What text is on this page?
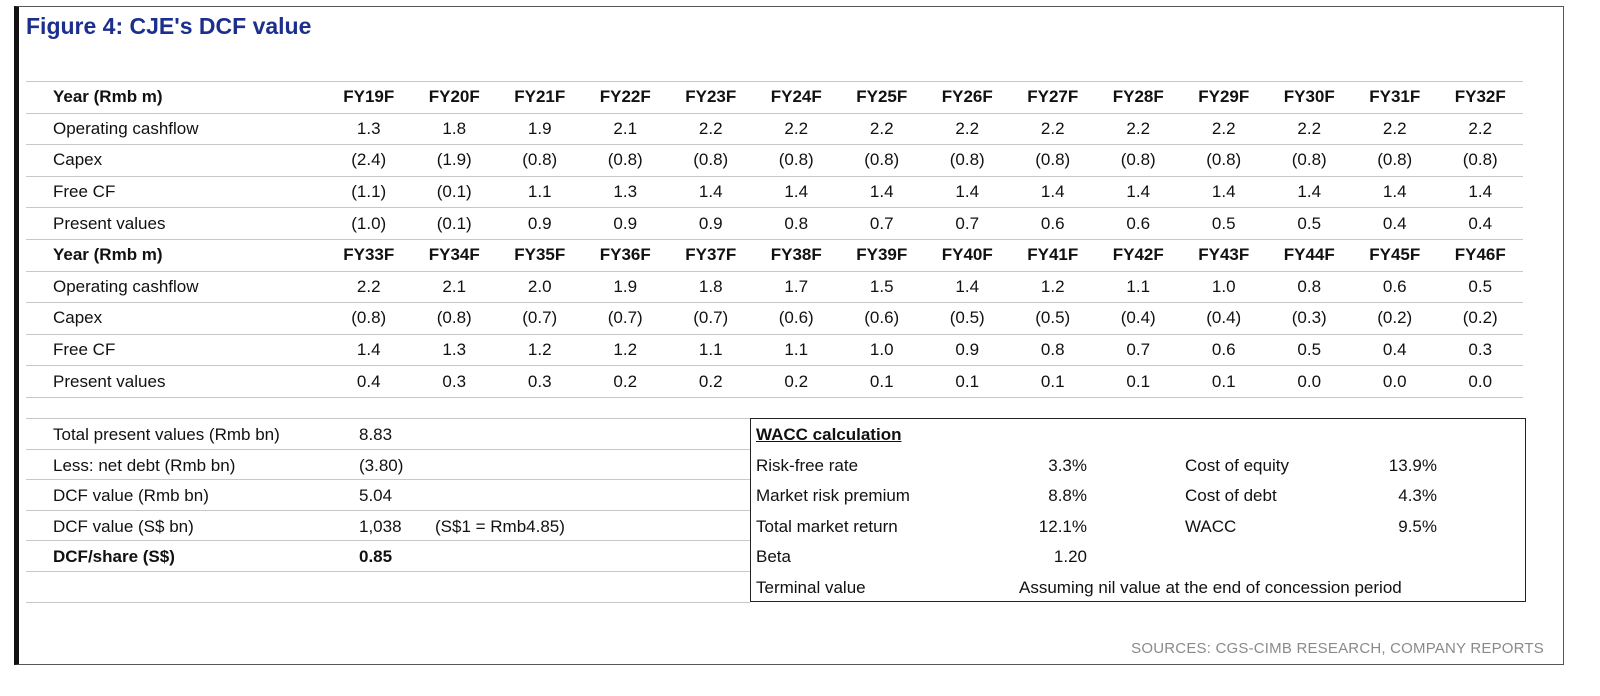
Figure 4: CJE's DCF value
Year (Rmb m)	FY19F	FY20F	FY21F	FY22F	FY23F	FY24F	FY25F	FY26F	FY27F	FY28F	FY29F	FY30F	FY31F	FY32F
Operating cashflow	1.3	1.8	1.9	2.1	2.2	2.2	2.2	2.2	2.2	2.2	2.2	2.2	2.2	2.2
Capex	(2.4)	(1.9)	(0.8)	(0.8)	(0.8)	(0.8)	(0.8)	(0.8)	(0.8)	(0.8)	(0.8)	(0.8)	(0.8)	(0.8)
Free CF	(1.1)	(0.1)	1.1	1.3	1.4	1.4	1.4	1.4	1.4	1.4	1.4	1.4	1.4	1.4
Present values	(1.0)	(0.1)	0.9	0.9	0.9	0.8	0.7	0.7	0.6	0.6	0.5	0.5	0.4	0.4
Year (Rmb m)	FY33F	FY34F	FY35F	FY36F	FY37F	FY38F	FY39F	FY40F	FY41F	FY42F	FY43F	FY44F	FY45F	FY46F
Operating cashflow	2.2	2.1	2.0	1.9	1.8	1.7	1.5	1.4	1.2	1.1	1.0	0.8	0.6	0.5
Capex	(0.8)	(0.8)	(0.7)	(0.7)	(0.7)	(0.6)	(0.6)	(0.5)	(0.5)	(0.4)	(0.4)	(0.3)	(0.2)	(0.2)
Free CF	1.4	1.3	1.2	1.2	1.1	1.1	1.0	0.9	0.8	0.7	0.6	0.5	0.4	0.3
Present values	0.4	0.3	0.3	0.2	0.2	0.2	0.1	0.1	0.1	0.1	0.1	0.0	0.0	0.0
Total present values (Rmb bn)	8.83
Less: net debt (Rmb bn)	(3.80)
DCF value (Rmb bn)	5.04
DCF value (S$ bn)	1,038 (S$1 = Rmb4.85)
DCF/share (S$)	0.85
WACC calculation
Risk-free rate	3.3%	Cost of equity	13.9%
Market risk premium	8.8%	Cost of debt	4.3%
Total market return	12.1%	WACC	9.5%
Beta	1.20
Terminal value	Assuming nil value at the end of concession period
SOURCES: CGS-CIMB RESEARCH, COMPANY REPORTS
